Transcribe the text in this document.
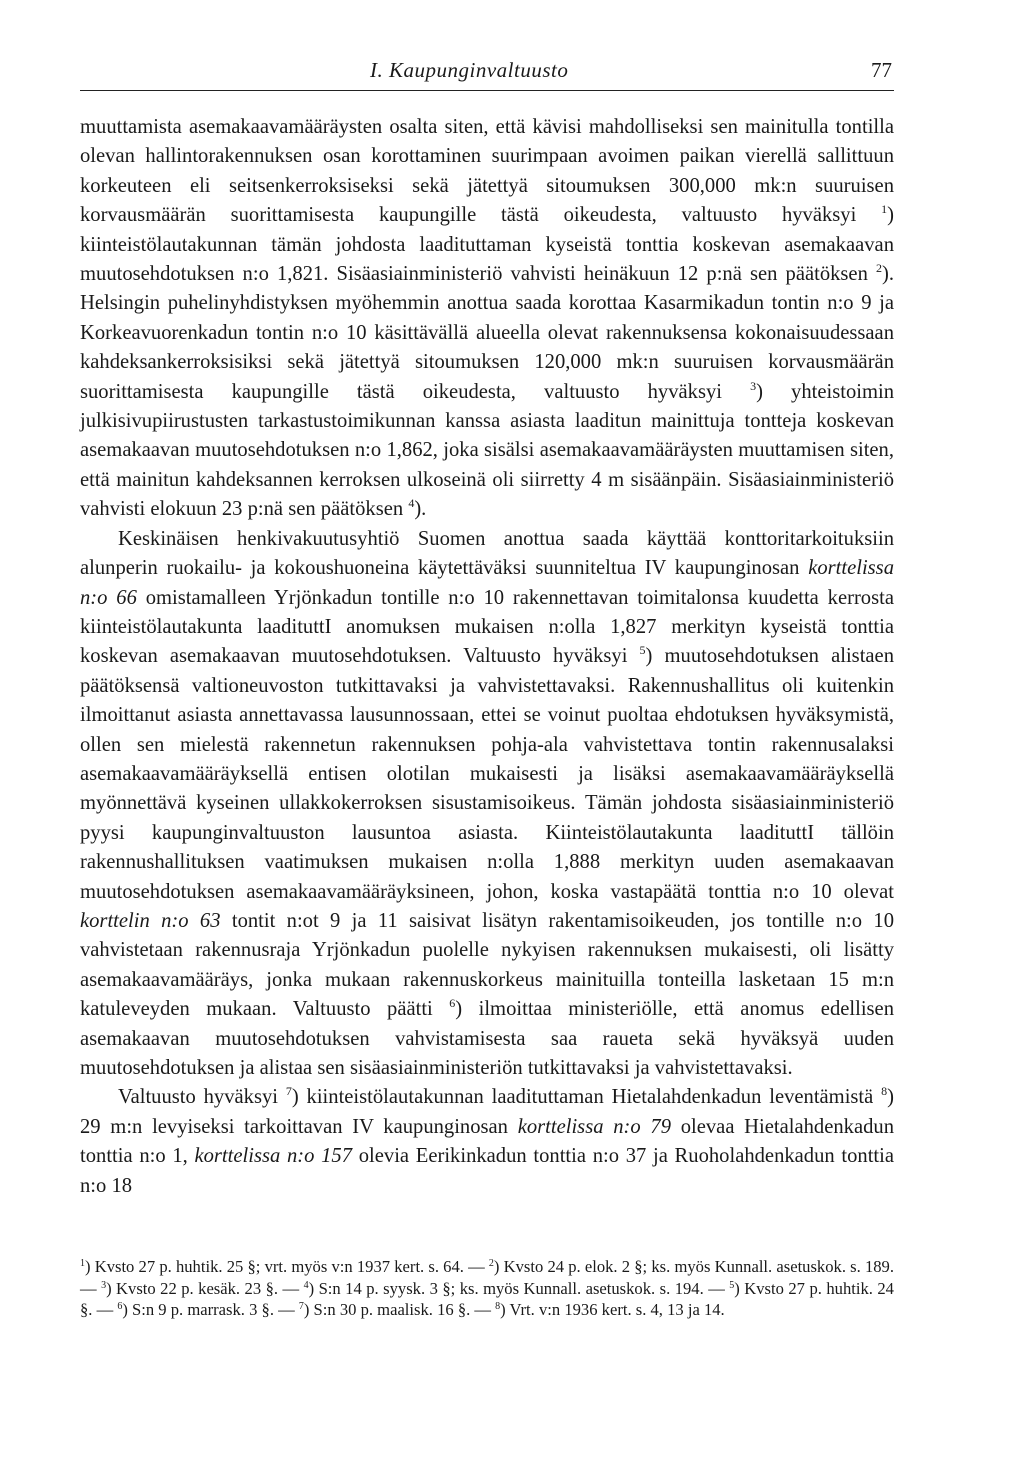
I. Kaupunginvaltuusto	77

muuttamista asemakaavamääräysten osalta siten, että kävisi mahdolliseksi sen mainitulla tontilla olevan hallintorakennuksen osan korottaminen suurimpaan avoimen paikan vierellä sallittuun korkeuteen eli seitsenkerroksiseksi sekä jätettyä sitoumuksen 300,000 mk:n suuruisen korvausmäärän suorittamisesta kaupungille tästä oikeudesta, valtuusto hyväksyi $^1$) kiinteistölautakunnan tämän johdosta laadituttaman kyseistä tonttia koskevan asemakaavan muutosehdotuksen n:o 1,821. Sisäasiainministeriö vahvisti heinäkuun 12 p:nä sen päätöksen $^2$). Helsingin puhelinyhdistyksen myöhemmin anottua saada korottaa Kasarmikadun tontin n:o 9 ja Korkeavuorenkadun tontin n:o 10 käsittävällä alueella olevat rakennuksensa kokonaisuudessaan kahdeksankerroksisiksi sekä jätettyä sitoumuksen 120,000 mk:n suuruisen korvausmäärän suorittamisesta kaupungille tästä oikeudesta, valtuusto hyväksyi $^3$) yhteistoimin julkisivupiirustusten tarkastustoimikunnan kanssa asiasta laaditun mainittuja tontteja koskevan asemakaavan muutosehdotuksen n:o 1,862, joka sisälsi asemakaavamääräysten muuttamisen siten, että mainitun kahdeksannen kerroksen ulkoseinä oli siirretty 4 m sisäänpäin. Sisäasiainministeriö vahvisti elokuun 23 p:nä sen päätöksen $^4$).

Keskinäisen henkivakuutusyhtiö Suomen anottua saada käyttää konttoritarkoituksiin alunperin ruokailu- ja kokoushuoneina käytettäväksi suunniteltua IV kaupunginosan korttelissa n:o 66 omistamalleen Yrjönkadun tontille n:o 10 rakennettavan toimitalonsa kuudetta kerrosta kiinteistölautakunta laadituttI anomuksen mukaisen n:olla 1,827 merkityn kyseistä tonttia koskevan asemakaavan muutosehdotuksen. Valtuusto hyväksyi $^5$) muutosehdotuksen alistaen päätöksensä valtioneuvoston tutkittavaksi ja vahvistettavaksi. Rakennushallitus oli kuitenkin ilmoittanut asiasta annettavassa lausunnossaan, ettei se voinut puoltaa ehdotuksen hyväksymistä, ollen sen mielestä rakennetun rakennuksen pohja-ala vahvistettava tontin rakennusalaksi asemakaavamääräyksellä entisen olotilan mukaisesti ja lisäksi asemakaavamääräyksellä myönnettävä kyseinen ullakkokerroksen sisustamisoikeus. Tämän johdosta sisäasiainministeriö pyysi kaupunginvaltuuston lausuntoa asiasta. Kiinteistölautakunta laadituttI tällöin rakennushallituksen vaatimuksen mukaisen n:olla 1,888 merkityn uuden asemakaavan muutosehdotuksen asemakaavamääräyksineen, johon, koska vastapäätä tonttia n:o 10 olevat korttelin n:o 63 tontit n:ot 9 ja 11 saisivat lisätyn rakentamisoikeuden, jos tontille n:o 10 vahvistetaan rakennusraja Yrjönkadun puolelle nykyisen rakennuksen mukaisesti, oli lisätty asemakaavamääräys, jonka mukaan rakennuskorkeus mainituilla tonteilla lasketaan 15 m:n katuleveyden mukaan. Valtuusto päätti $^6$) ilmoittaa ministeriölle, että anomus edellisen asemakaavan muutosehdotuksen vahvistamisesta saa raueta sekä hyväksyä uuden muutosehdotuksen ja alistaa sen sisäasiainministeriön tutkittavaksi ja vahvistettavaksi.

Valtuusto hyväksyi $^7$) kiinteistölautakunnan laadituttaman Hietalahdenkadun leventämistä $^8$) 29 m:n levyiseksi tarkoittavan IV kaupunginosan korttelissa n:o 79 olevaa Hietalahdenkadun tonttia n:o 1, korttelissa n:o 157 olevia Eerikinkadun tonttia n:o 37 ja Ruoholahdenkadun tonttia n:o 18

$^1$) Kvsto 27 p. huhtik. 25 §; vrt. myös v:n 1937 kert. s. 64. — $^2$) Kvsto 24 p. elok. 2 §; ks. myös Kunnall. asetuskok. s. 189. — $^3$) Kvsto 22 p. kesäk. 23 §. — $^4$) S:n 14 p. syysk. 3 §; ks. myös Kunnall. asetuskok. s. 194. — $^5$) Kvsto 27 p. huhtik. 24 §. — $^6$) S:n 9 p. marrask. 3 §. — $^7$) S:n 30 p. maalisk. 16 §. — $^8$) Vrt. v:n 1936 kert. s. 4, 13 ja 14.
